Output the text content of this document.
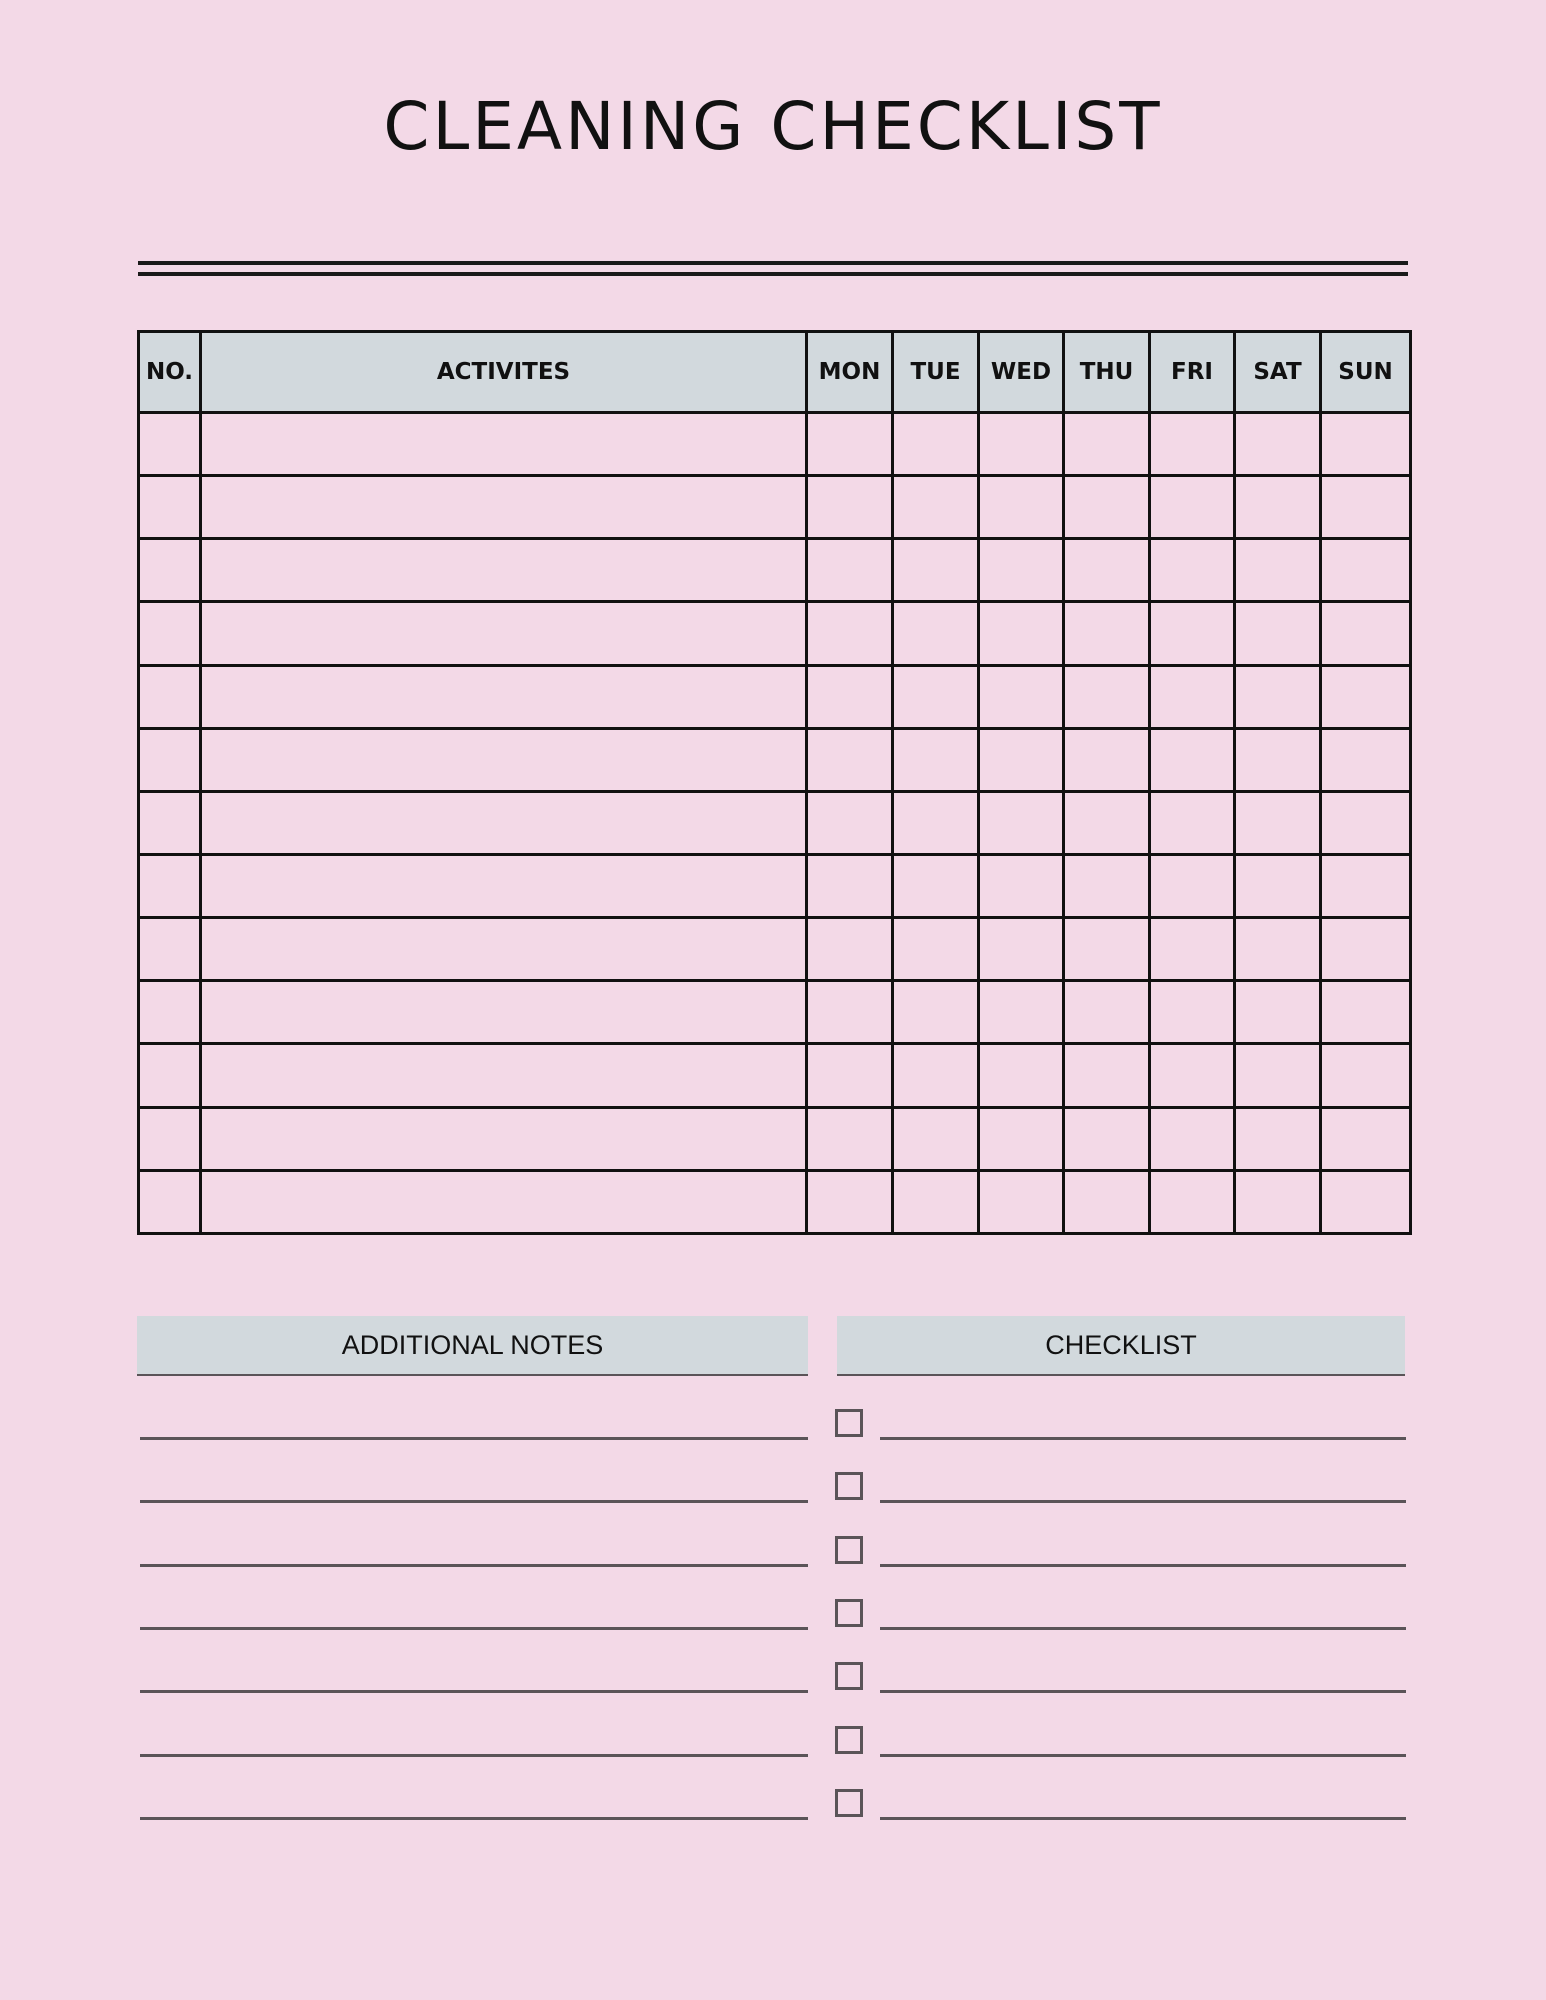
CLEANING CHECKLIST
NO.	ACTIVITES	MON	TUE	WED	THU	FRI	SAT	SUN

ADDITIONAL NOTES	CHECKLIST
